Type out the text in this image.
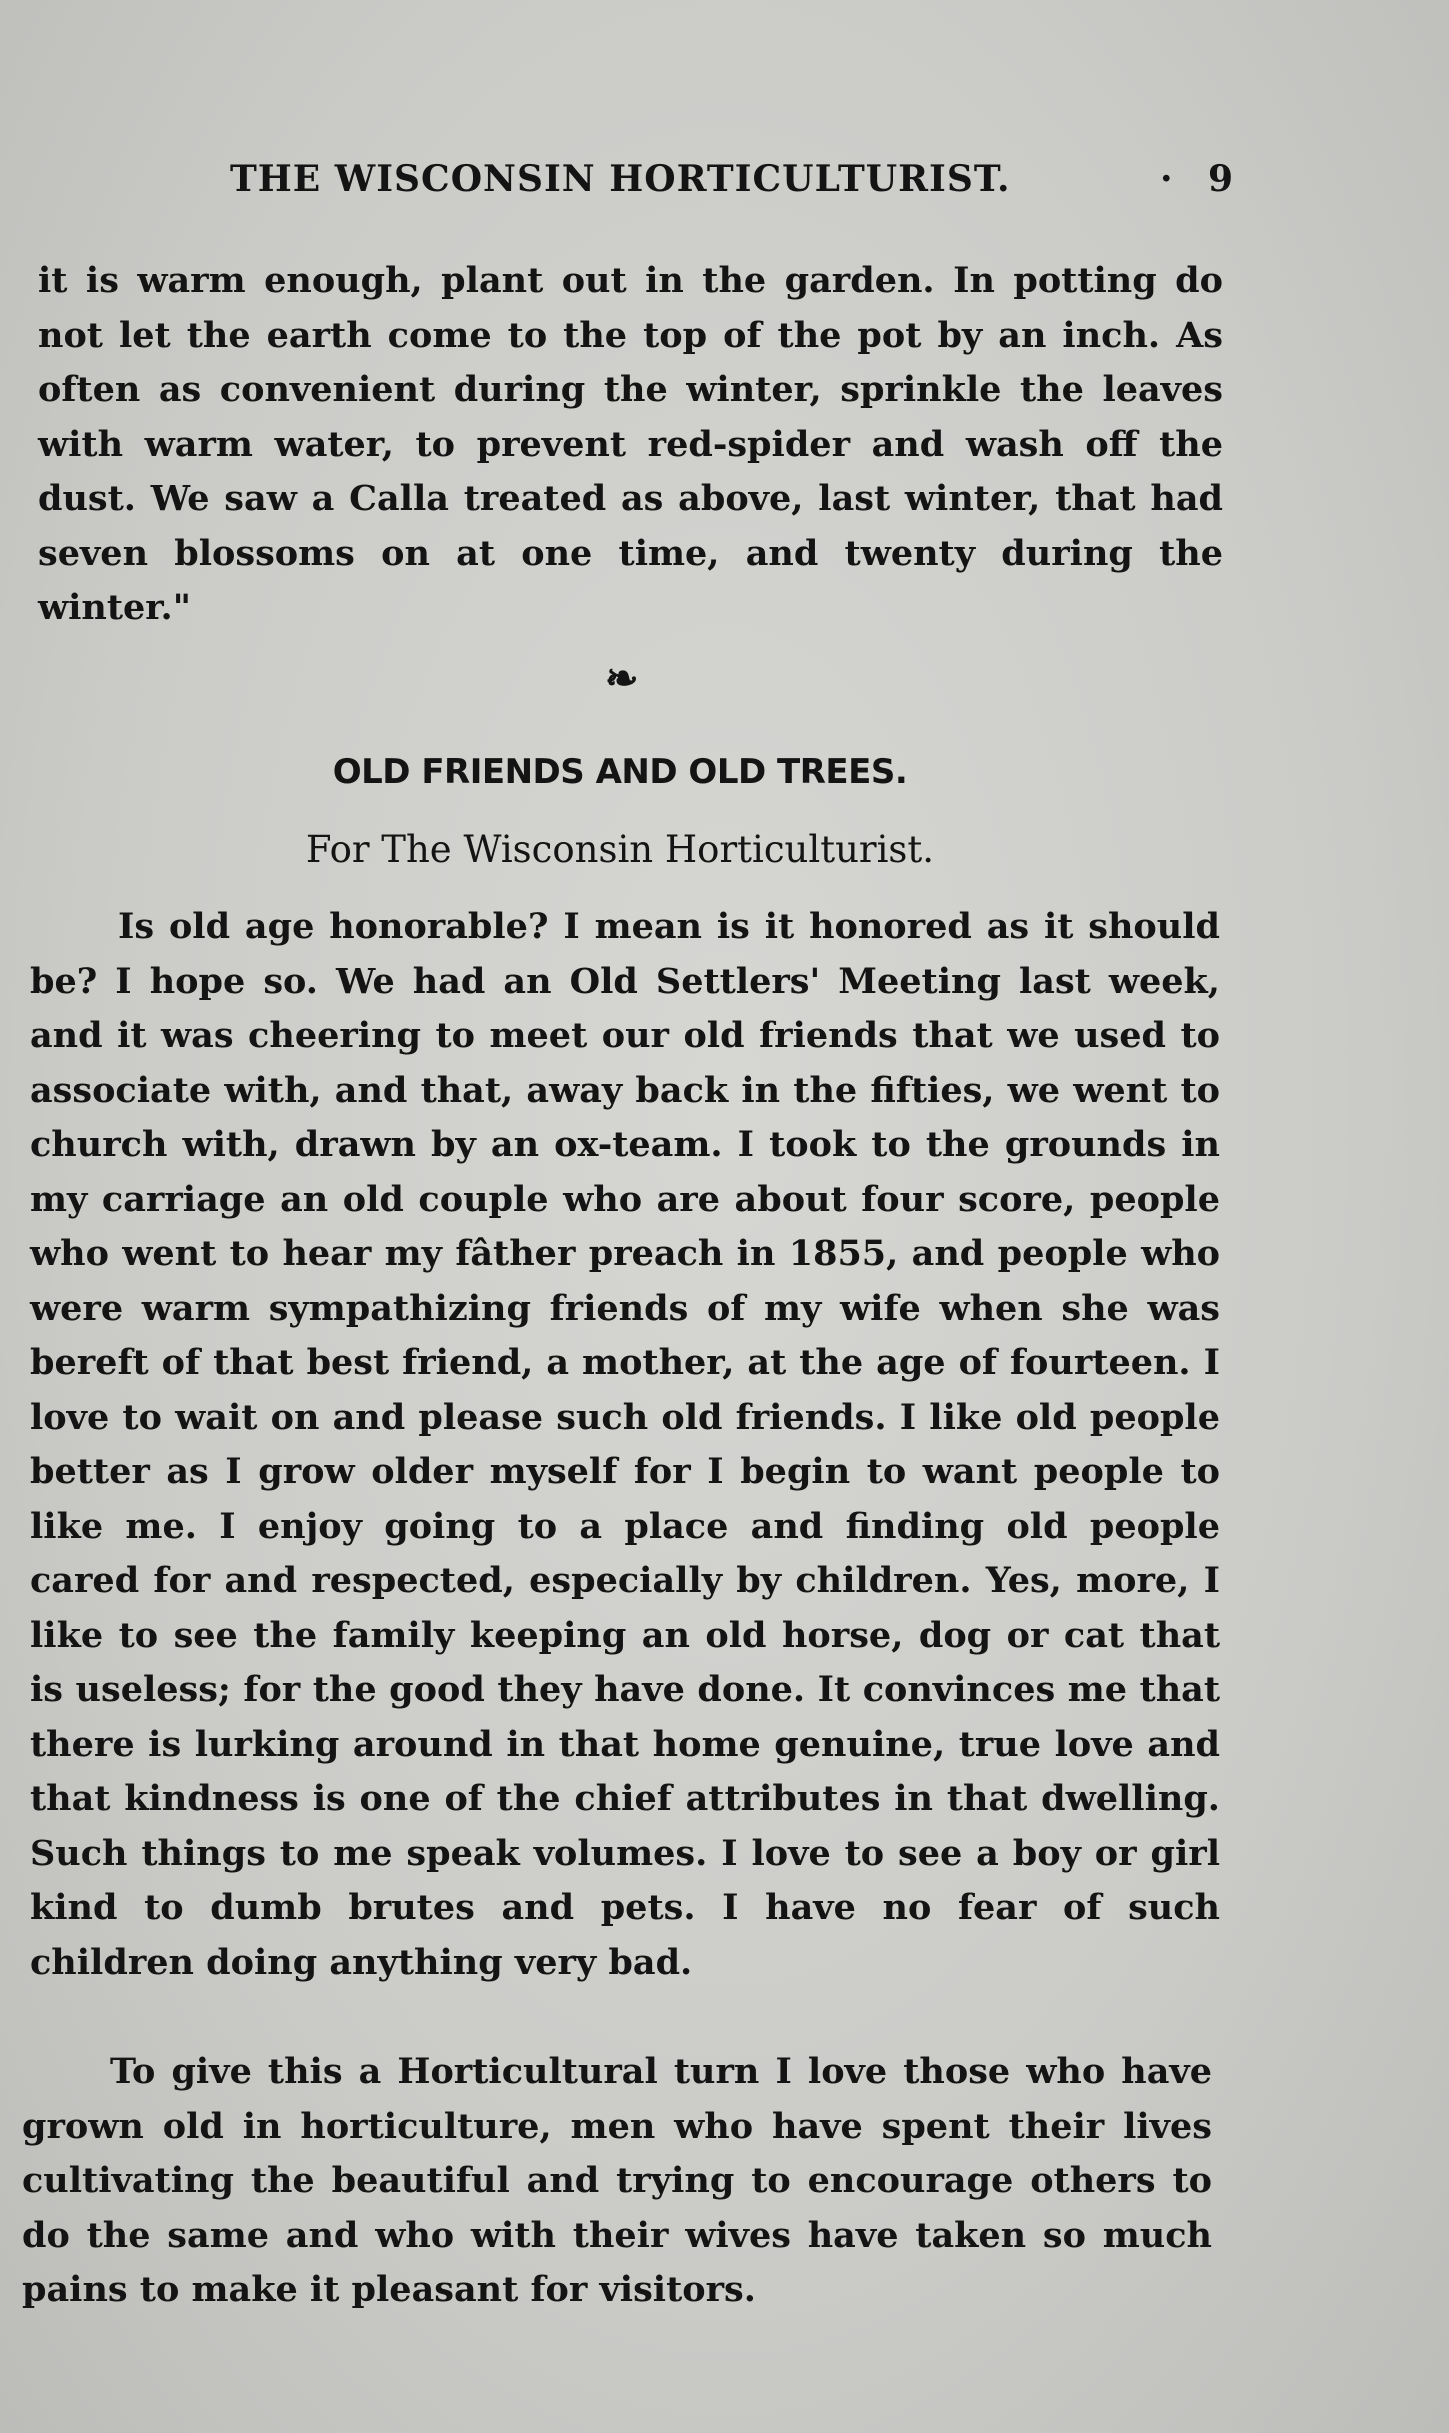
THE WISCONSIN HORTICULTURIST.	· 9

it is warm enough, plant out in the garden. In potting do not let the earth come to the top of the pot by an inch. As often as convenient during the winter, sprinkle the leaves with warm water, to prevent red-spider and wash off the dust. We saw a Calla treated as above, last winter, that had seven blossoms on at one time, and twenty during the winter."

❧
OLD FRIENDS AND OLD TREES.
For The Wisconsin Horticulturist.

Is old age honorable? I mean is it honored as it should be? I hope so. We had an Old Settlers' Meeting last week, and it was cheering to meet our old friends that we used to associate with, and that, away back in the fifties, we went to church with, drawn by an ox-team. I took to the grounds in my carriage an old couple who are about four score, people who went to hear my fâther preach in 1855, and people who were warm sympathizing friends of my wife when she was bereft of that best friend, a mother, at the age of fourteen. I love to wait on and please such old friends. I like old people better as I grow older myself for I begin to want people to like me. I enjoy going to a place and finding old people cared for and respected, especially by children. Yes, more, I like to see the family keeping an old horse, dog or cat that is useless; for the good they have done. It convinces me that there is lurking around in that home genuine, true love and that kindness is one of the chief attributes in that dwelling. Such things to me speak volumes. I love to see a boy or girl kind to dumb brutes and pets. I have no fear of such children doing anything very bad.

To give this a Horticultural turn I love those who have grown old in horticulture, men who have spent their lives cultivating the beautiful and trying to encourage others to do the same and who with their wives have taken so much pains to make it pleasant for visitors.
